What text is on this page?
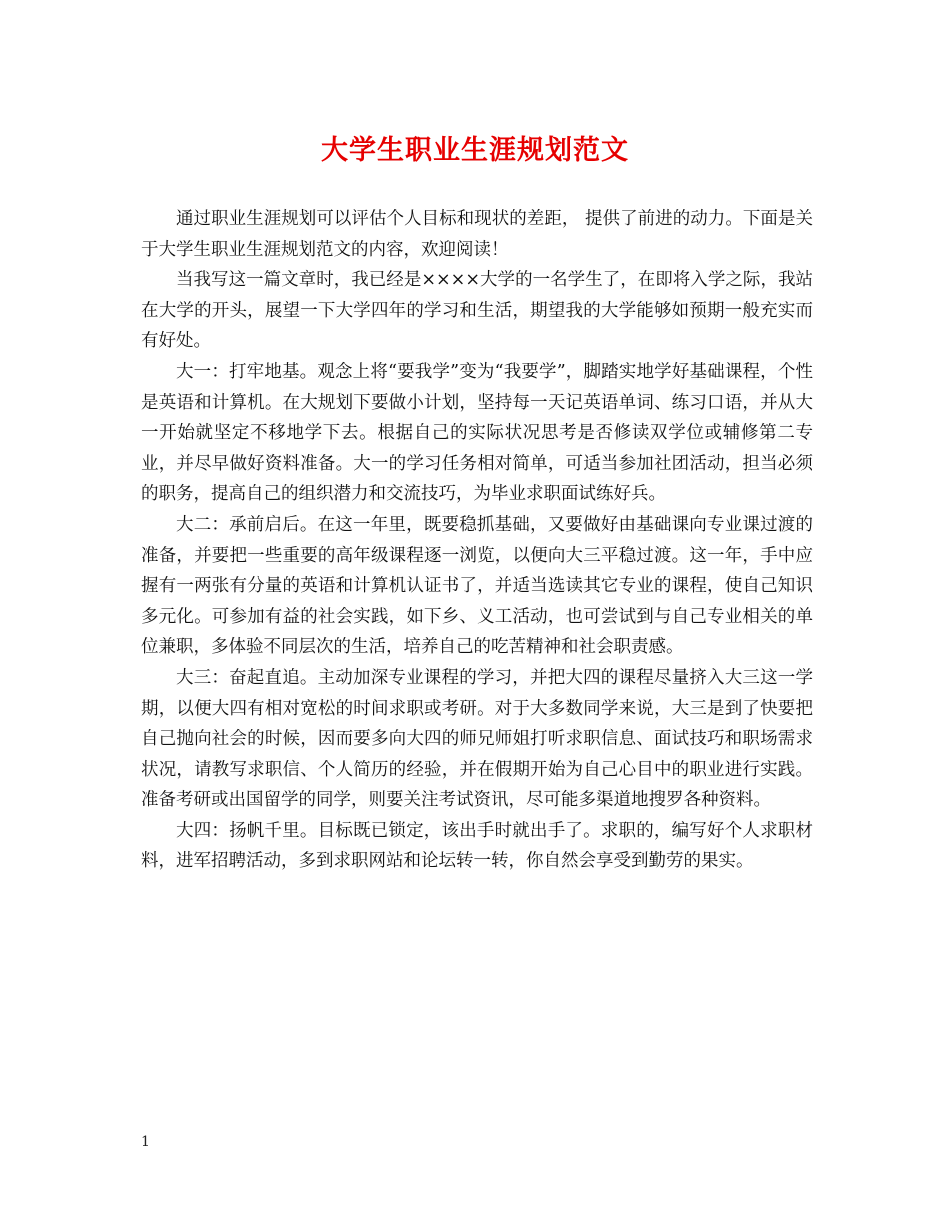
大学生职业生涯规划范文

通过职业生涯规划可以评估个人目标和现状的差距， 提供了前进的动力。下面是关于大学生职业生涯规划范文的内容，欢迎阅读！

当我写这一篇文章时，我已经是××××大学的一名学生了，在即将入学之际，我站在大学的开头，展望一下大学四年的学习和生活，期望我的大学能够如预期一般充实而有好处。

大一：打牢地基。观念上将“要我学”变为“我要学”，脚踏实地学好基础课程，个性是英语和计算机。在大规划下要做小计划，坚持每一天记英语单词、练习口语，并从大一开始就坚定不移地学下去。根据自己的实际状况思考是否修读双学位或辅修第二专业，并尽早做好资料准备。大一的学习任务相对简单，可适当参加社团活动，担当必须的职务，提高自己的组织潜力和交流技巧，为毕业求职面试练好兵。

大二：承前启后。在这一年里，既要稳抓基础，又要做好由基础课向专业课过渡的准备，并要把一些重要的高年级课程逐一浏览，以便向大三平稳过渡。这一年，手中应握有一两张有分量的英语和计算机认证书了，并适当选读其它专业的课程，使自己知识多元化。可参加有益的社会实践，如下乡、义工活动，也可尝试到与自己专业相关的单位兼职，多体验不同层次的生活，培养自己的吃苦精神和社会职责感。

大三：奋起直追。主动加深专业课程的学习，并把大四的课程尽量挤入大三这一学期，以便大四有相对宽松的时间求职或考研。对于大多数同学来说，大三是到了快要把自己抛向社会的时候，因而要多向大四的师兄师姐打听求职信息、面试技巧和职场需求状况，请教写求职信、个人简历的经验，并在假期开始为自己心目中的职业进行实践。准备考研或出国留学的同学，则要关注考试资讯，尽可能多渠道地搜罗各种资料。

大四：扬帆千里。目标既已锁定，该出手时就出手了。求职的，编写好个人求职材料，进军招聘活动，多到求职网站和论坛转一转，你自然会享受到勤劳的果实。

1
